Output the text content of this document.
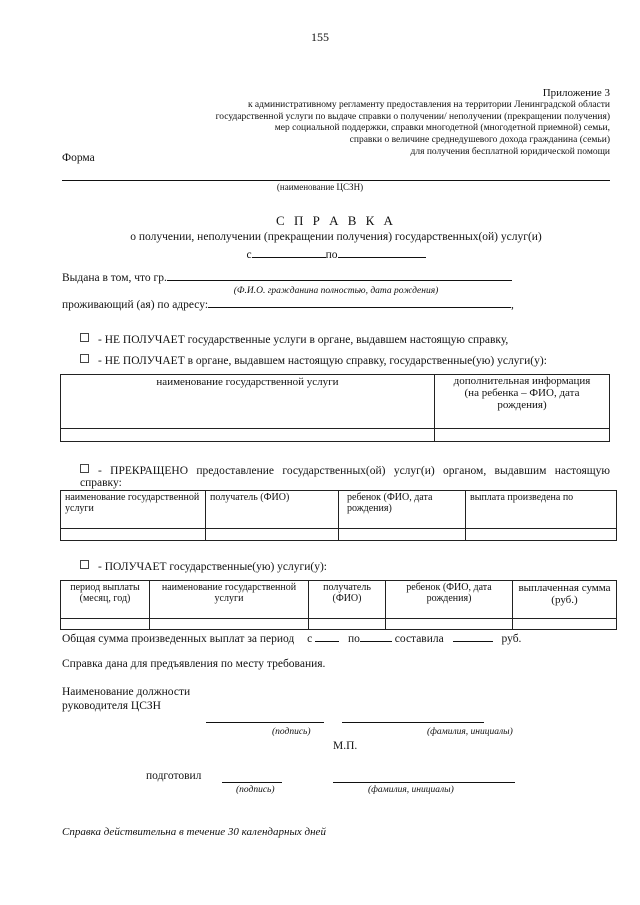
155
Приложение 3
к административному регламенту предоставления на территории Ленинградской области
государственной услуги по выдаче справки о получении/ неполучении (прекращении получения)
мер социальной поддержки, справки многодетной (многодетной приемной) семьи,
справки о величине среднедушевого дохода гражданина (семьи)
для получения бесплатной юридической помощи
Форма
(наименование ЦСЗН)
С П Р А В К А
о получении, неполучении (прекращении получения) государственных(ой) услуг(и)
с	по
Выдана в том, что гр.
(Ф.И.О. гражданина полностью, дата рождения)
проживающий (ая) по адресу:	,
- НЕ ПОЛУЧАЕТ государственные услуги в органе, выдавшем настоящую справку,
- НЕ ПОЛУЧАЕТ в органе, выдавшем настоящую справку, государственные(ую) услуги(у):
наименование государственной услуги	дополнительная информация (на ребенка – ФИО, дата рождения)

- ПРЕКРАЩЕНО предоставление государственных(ой) услуг(и) органом, выдавшим настоящую справку:
наименование государственной услуги	получатель (ФИО)	ребенок (ФИО, дата рождения)	выплата произведена по

- ПОЛУЧАЕТ государственные(ую) услуги(у):
период выплаты (месяц, год)	наименование государственной услуги	получатель (ФИО)	ребенок (ФИО, дата рождения)	выплаченная сумма (руб.)

Общая сумма произведенных выплат за период с	по	составила	руб.
Справка дана для предъявления по месту требования.
Наименование должности
руководителя ЦСЗН
(подпись)	(фамилия, инициалы)
М.П.
подготовил
(подпись)	(фамилия, инициалы)
Справка действительна в течение 30 календарных дней
